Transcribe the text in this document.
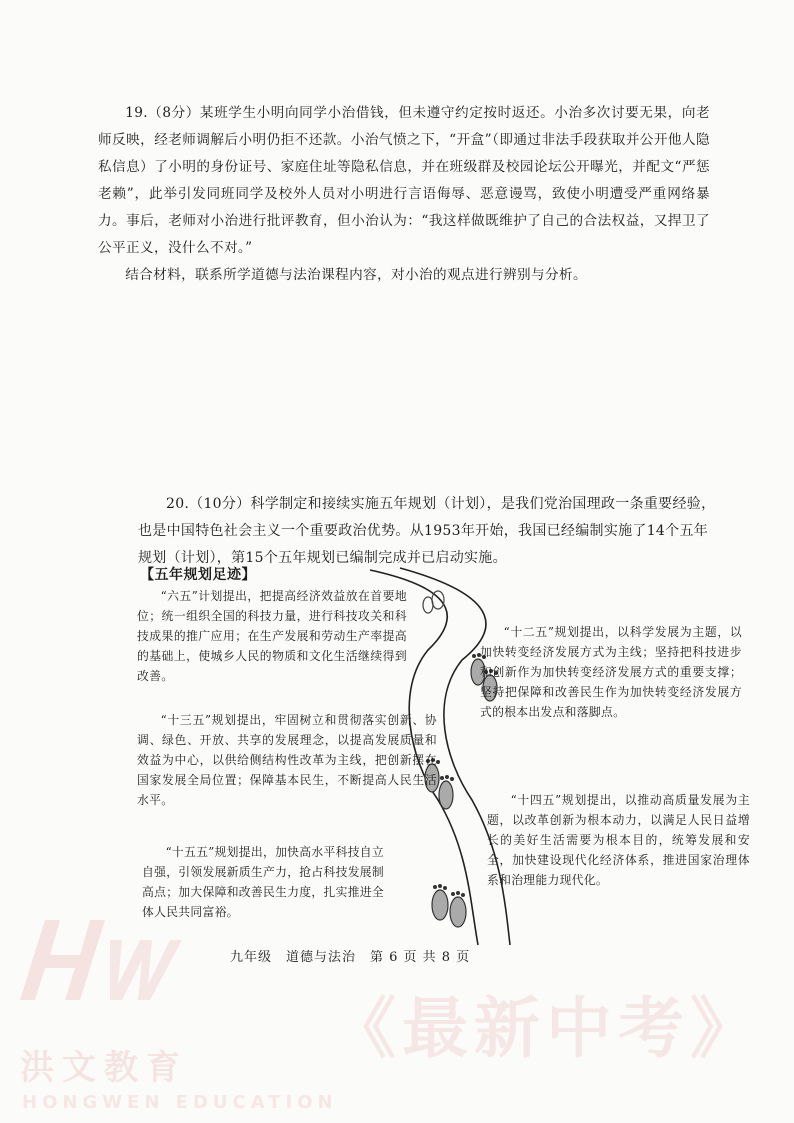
19.（8分）某班学生小明向同学小治借钱，但未遵守约定按时返还。小治多次讨要无果，向老师反映，经老师调解后小明仍拒不还款。小治气愤之下，“开盒”（即通过非法手段获取并公开他人隐私信息）了小明的身份证号、家庭住址等隐私信息，并在班级群及校园论坛公开曝光，并配文“严惩老赖”，此举引发同班同学及校外人员对小明进行言语侮辱、恶意谩骂，致使小明遭受严重网络暴力。事后，老师对小治进行批评教育，但小治认为：“我这样做既维护了自己的合法权益，又捍卫了公平正义，没什么不对。”
结合材料，联系所学道德与法治课程内容，对小治的观点进行辨别与分析。
20.（10分）科学制定和接续实施五年规划（计划），是我们党治国理政一条重要经验，也是中国特色社会主义一个重要政治优势。从1953年开始，我国已经编制实施了14个五年规划（计划），第15个五年规划已编制完成并已启动实施。
【五年规划足迹】
“六五”计划提出，把提高经济效益放在首要地位；统一组织全国的科技力量，进行科技攻关和科技成果的推广应用；在生产发展和劳动生产率提高的基础上，使城乡人民的物质和文化生活继续得到改善。
“十三五”规划提出，牢固树立和贯彻落实创新、协调、绿色、开放、共享的发展理念，以提高发展质量和效益为中心，以供给侧结构性改革为主线，把创新摆在国家发展全局位置；保障基本民生，不断提高人民生活水平。
“十五五”规划提出，加快高水平科技自立自强，引领发展新质生产力，抢占科技发展制高点；加大保障和改善民生力度，扎实推进全体人民共同富裕。
“十二五”规划提出，以科学发展为主题，以加快转变经济发展方式为主线；坚持把科技进步和创新作为加快转变经济发展方式的重要支撑；坚持把保障和改善民生作为加快转变经济发展方式的根本出发点和落脚点。
“十四五”规划提出，以推动高质量发展为主题，以改革创新为根本动力，以满足人民日益增长的美好生活需要为根本目的，统筹发展和安全，加快建设现代化经济体系，推进国家治理体系和治理能力现代化。
九年级　道德与法治　第 6 页 共 8 页
洪文教育
HONGWEN EDUCATION
《最新中考》
